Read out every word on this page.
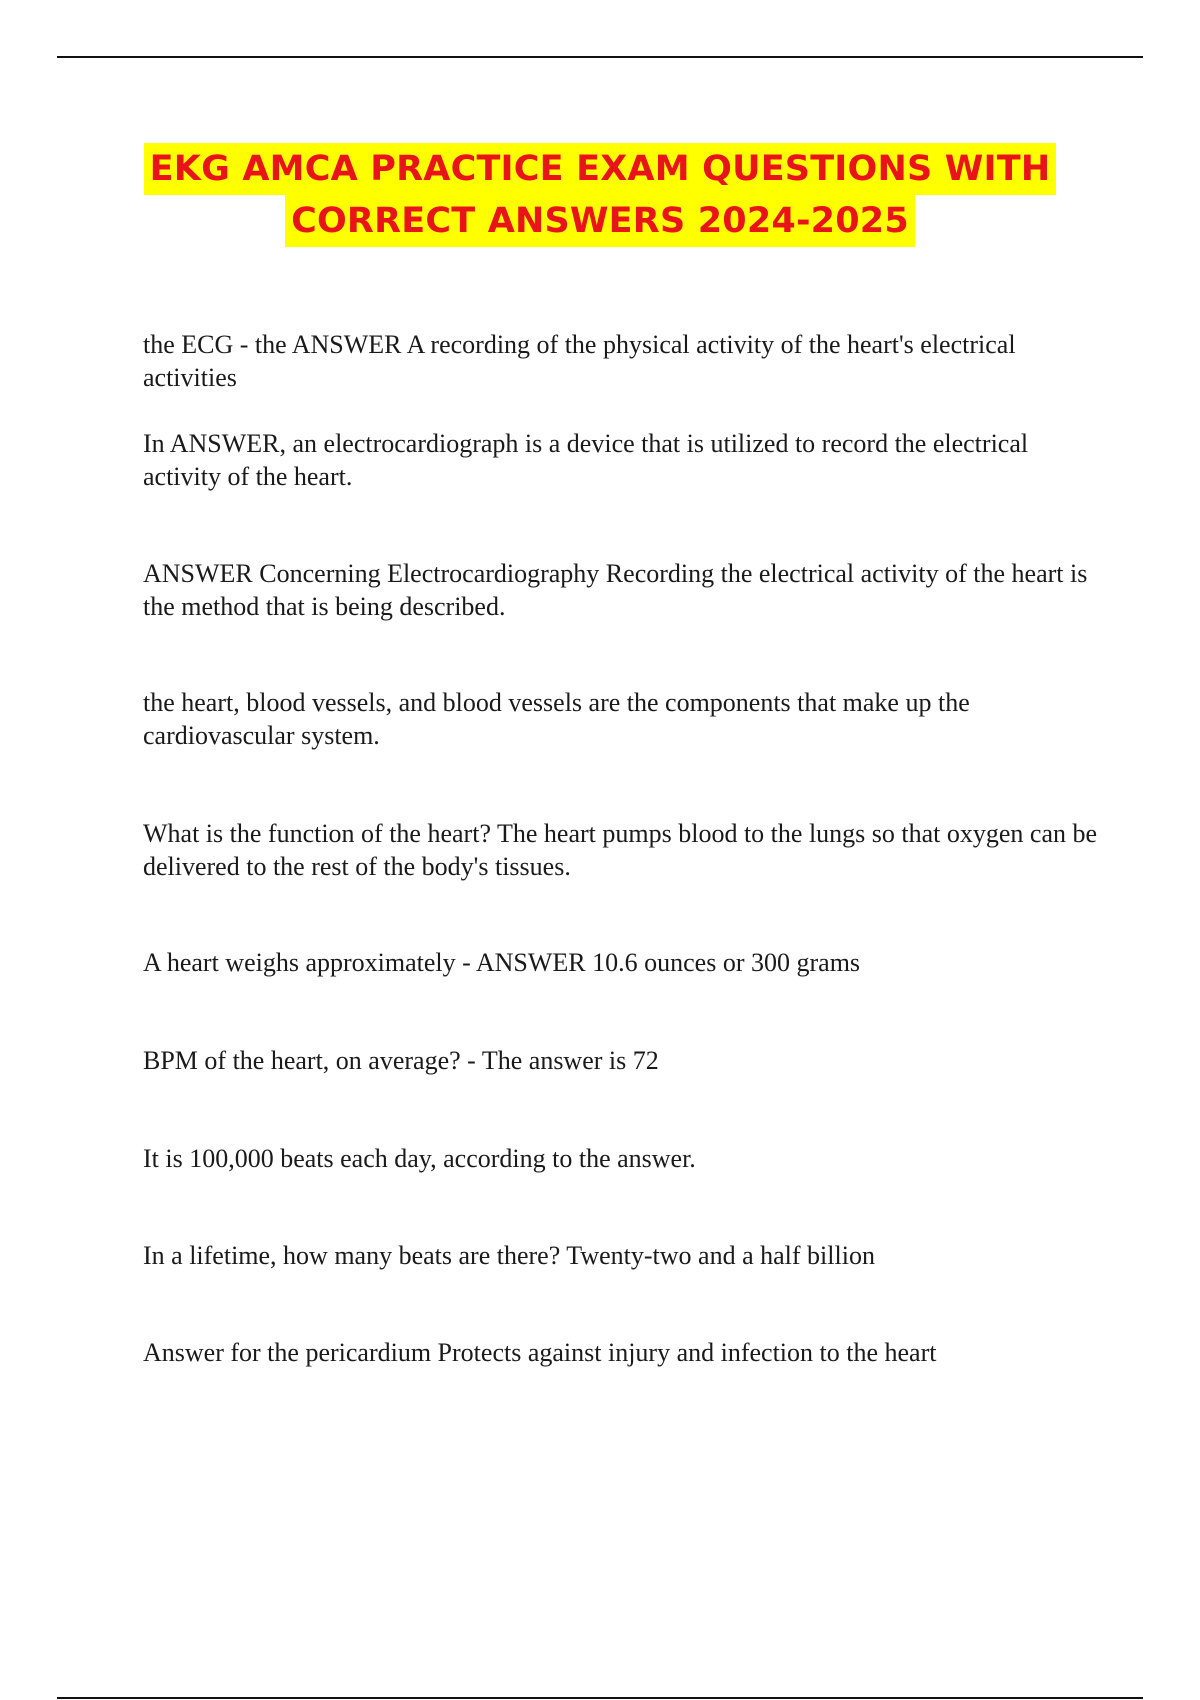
EKG AMCA PRACTICE EXAM QUESTIONS WITH
CORRECT ANSWERS 2024-2025

the ECG - the ANSWER A recording of the physical activity of the heart's electrical activities

In ANSWER, an electrocardiograph is a device that is utilized to record the electrical activity of the heart.

ANSWER Concerning Electrocardiography Recording the electrical activity of the heart is the method that is being described.

the heart, blood vessels, and blood vessels are the components that make up the cardiovascular system.

What is the function of the heart? The heart pumps blood to the lungs so that oxygen can be delivered to the rest of the body's tissues.

A heart weighs approximately - ANSWER 10.6 ounces or 300 grams

BPM of the heart, on average? - The answer is 72

It is 100,000 beats each day, according to the answer.

In a lifetime, how many beats are there? Twenty-two and a half billion

Answer for the pericardium Protects against injury and infection to the heart
